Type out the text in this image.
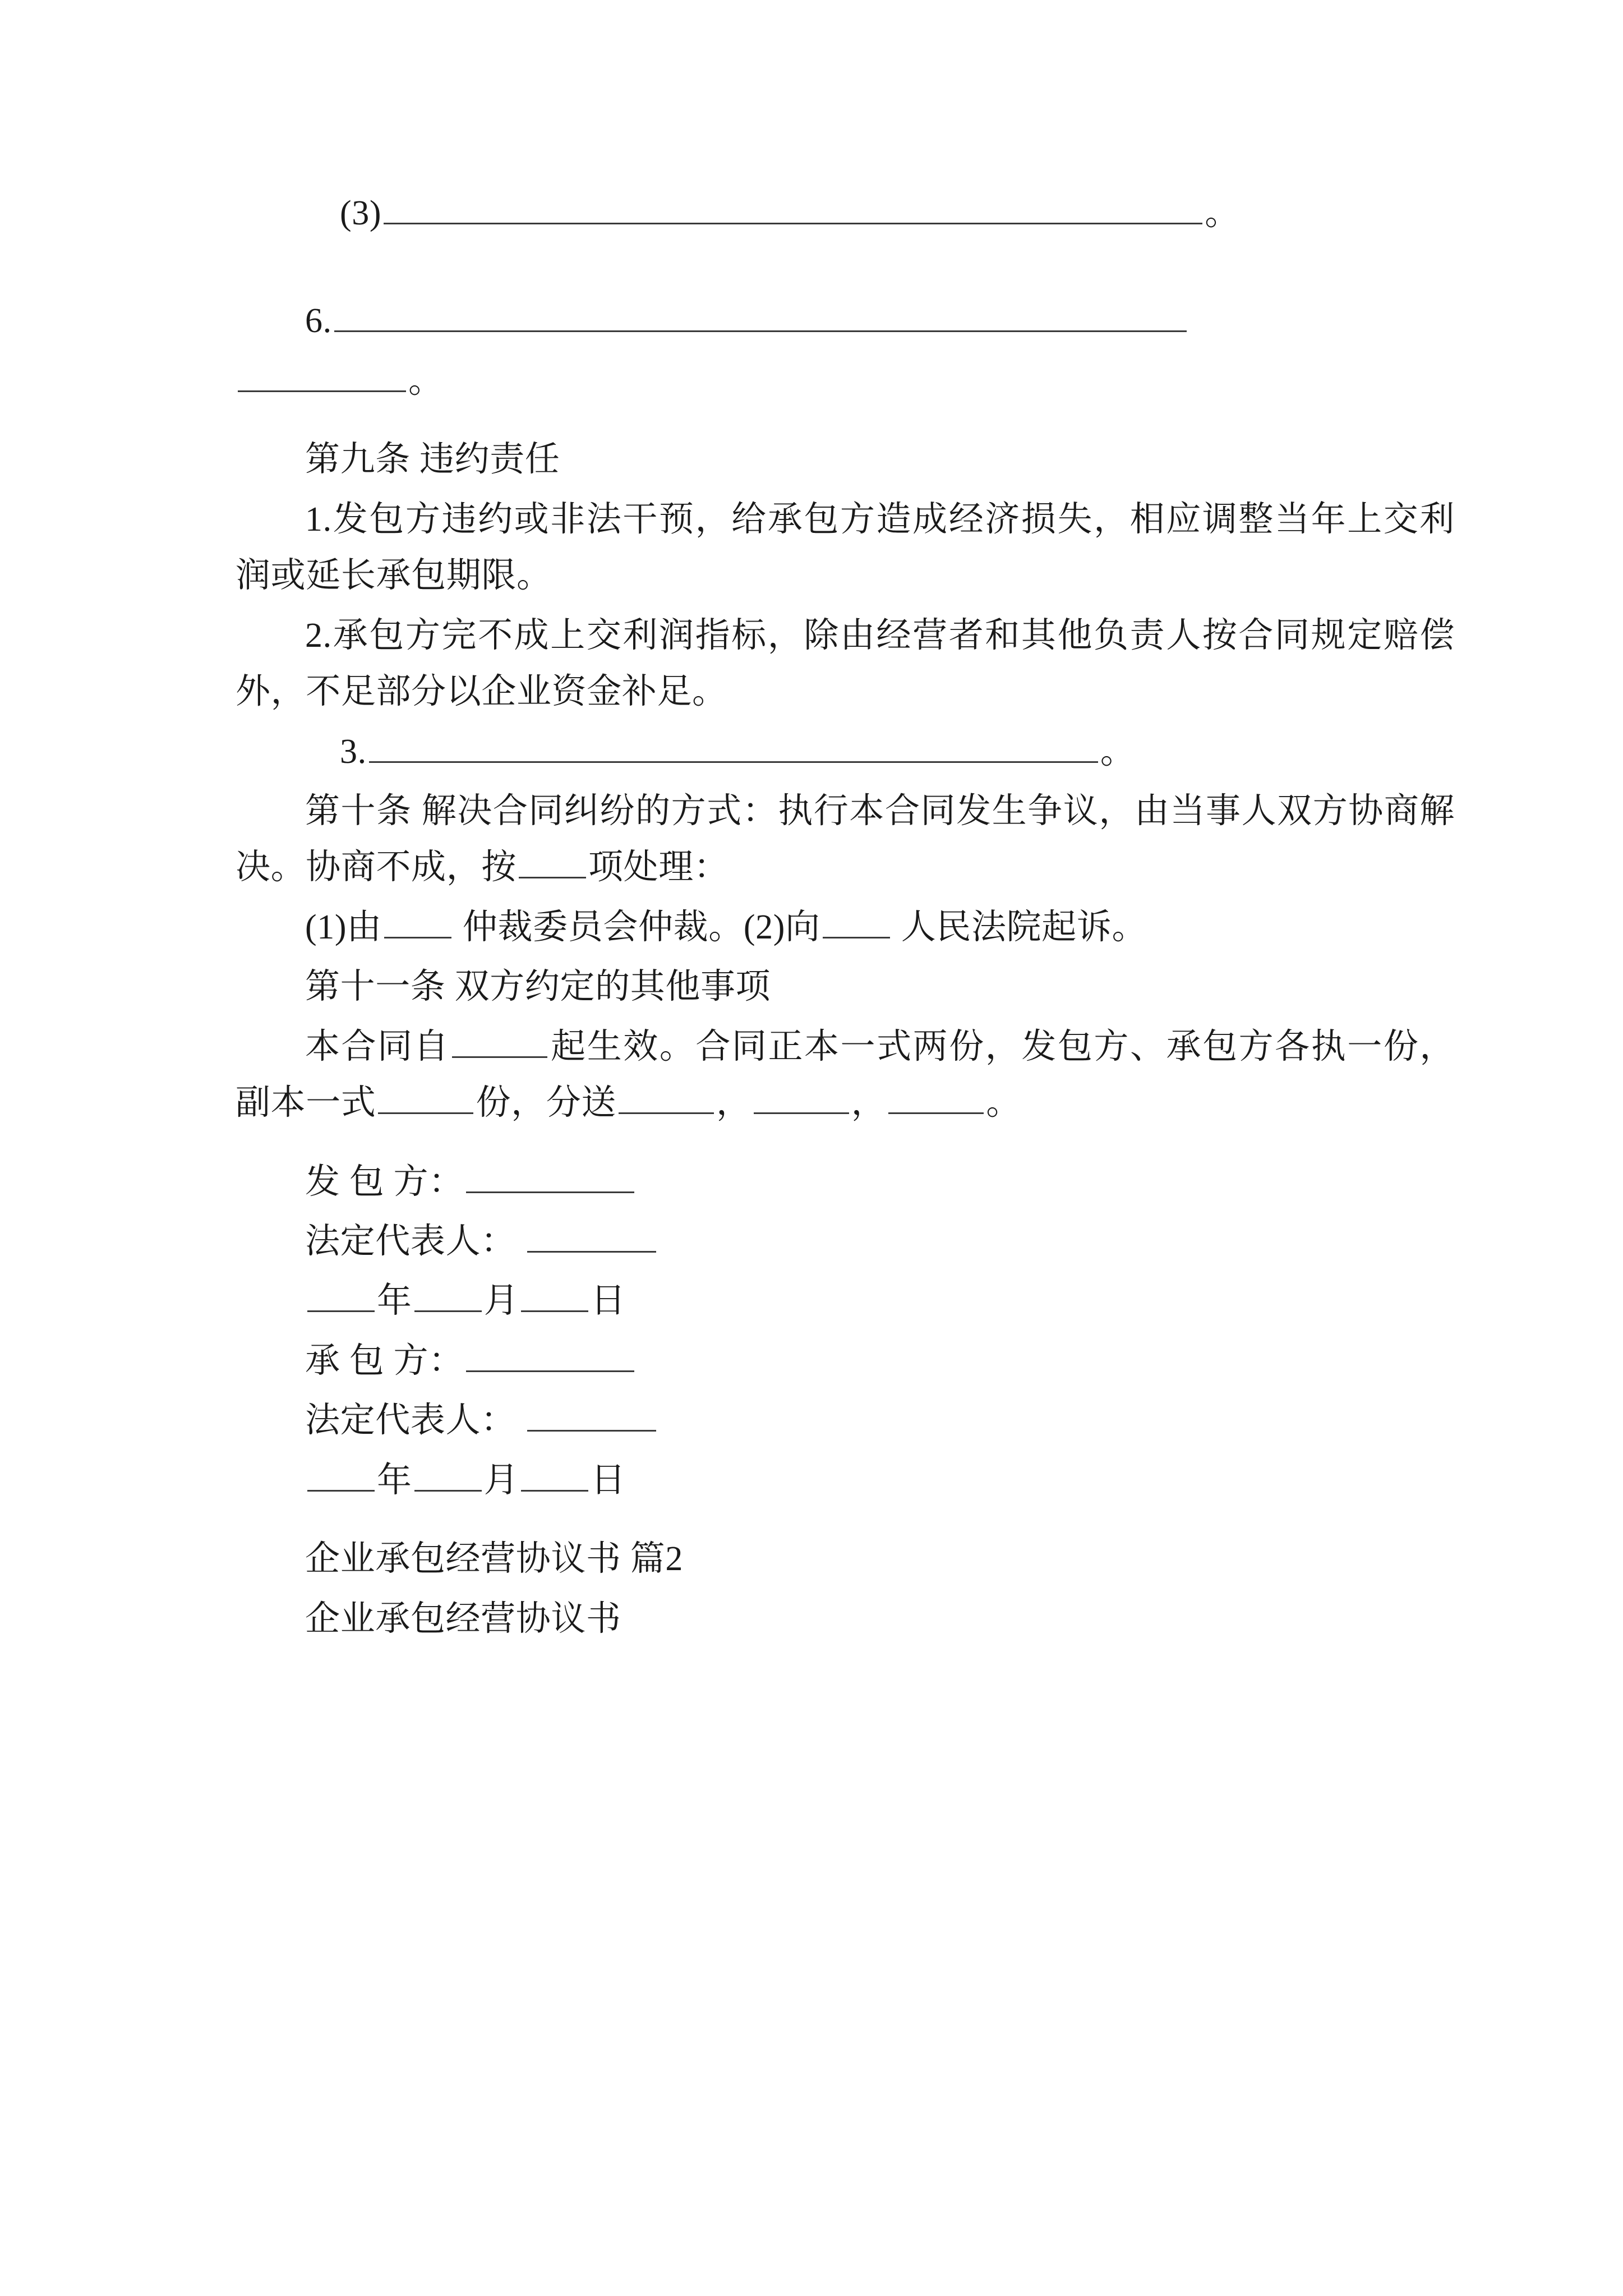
(3)	。
6.
。
第九条 违约责任
1.发包方违约或非法干预，给承包方造成经济损失，相应调整当年上交利润或延长承包期限。
2.承包方完不成上交利润指标，除由经营者和其他负责人按合同规定赔偿外，不足部分以企业资金补足。
3.	。
第十条 解决合同纠纷的方式：执行本合同发生争议，由当事人双方协商解决。协商不成，按 项处理：
(1)由 仲裁委员会仲裁。(2)向 人民法院起诉。
第十一条 双方约定的其他事项
本合同自	起生效。合同正本一式两份，发包方、承包方各执一份，副本一式	份，分送	，	，	。
发 包 方：
法定代表人：
年 月 日
承 包 方：
法定代表人：
年 月 日
企业承包经营协议书 篇2
企业承包经营协议书
